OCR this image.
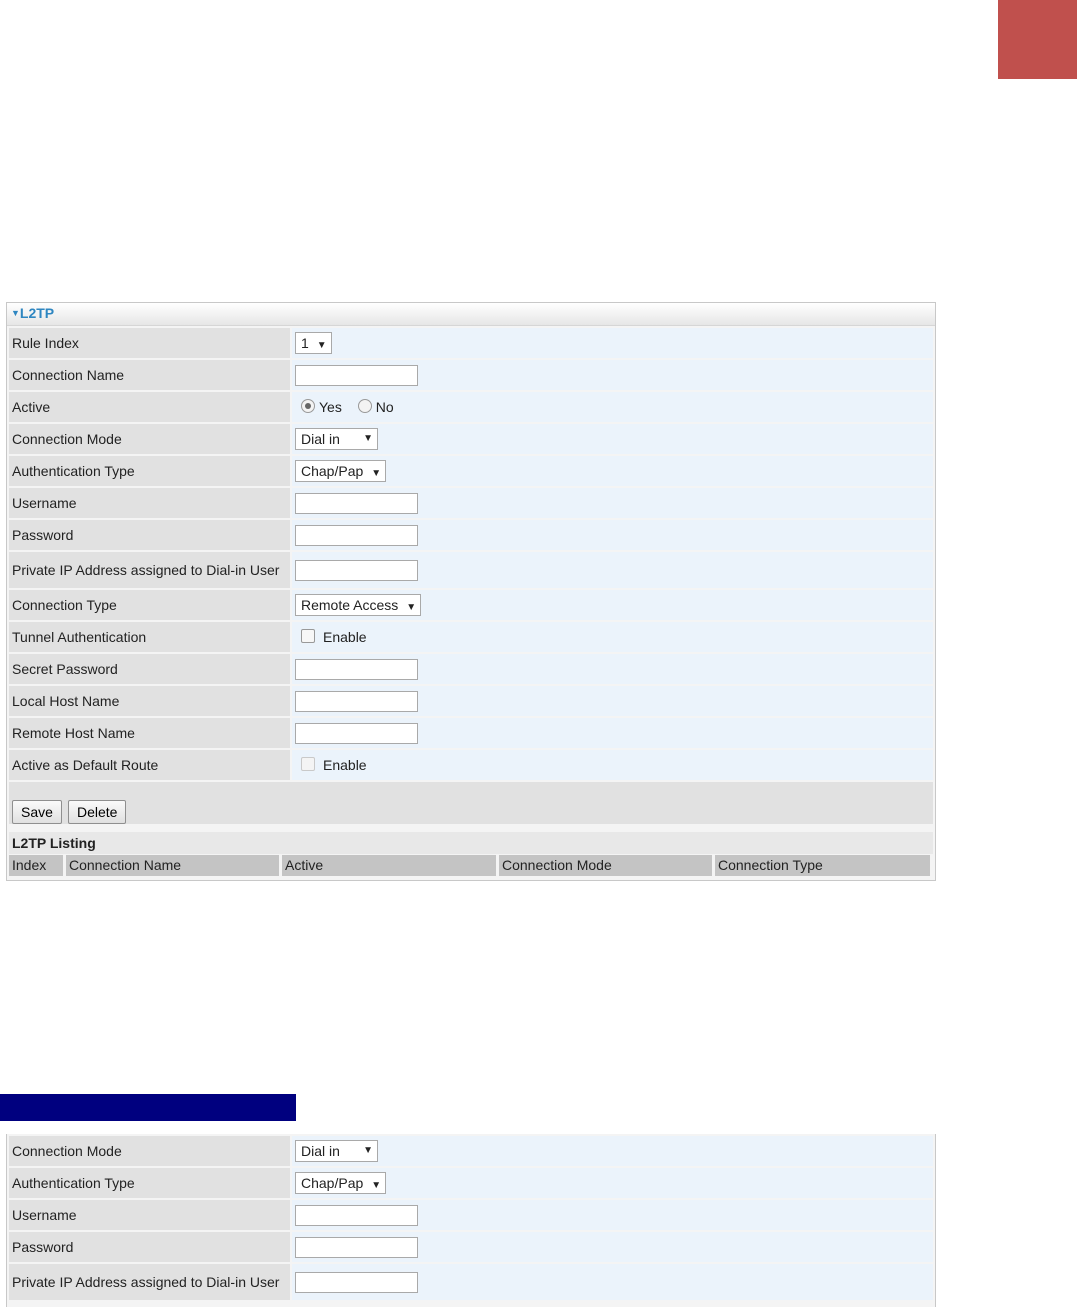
▼L2TP
Rule Index	1 ▼
Connection Name	
Active	Yes No
Connection Mode	Dial in ▼

Authentication Type	Chap/Pap ▼
Username	
Password	
Private IP Address assigned to Dial-in User	
Connection Type	Remote Access ▼
Tunnel Authentication	Enable
Secret Password	
Local Host Name	
Remote Host Name	
Active as Default Route	Enable
Save	Delete
L2TP Listing
Index	Connection Name	Active	Connection Mode	Connection Type
Connection Mode	Dial in ▼

Authentication Type	Chap/Pap ▼
Username	
Password	
Private IP Address assigned to Dial-in User	
